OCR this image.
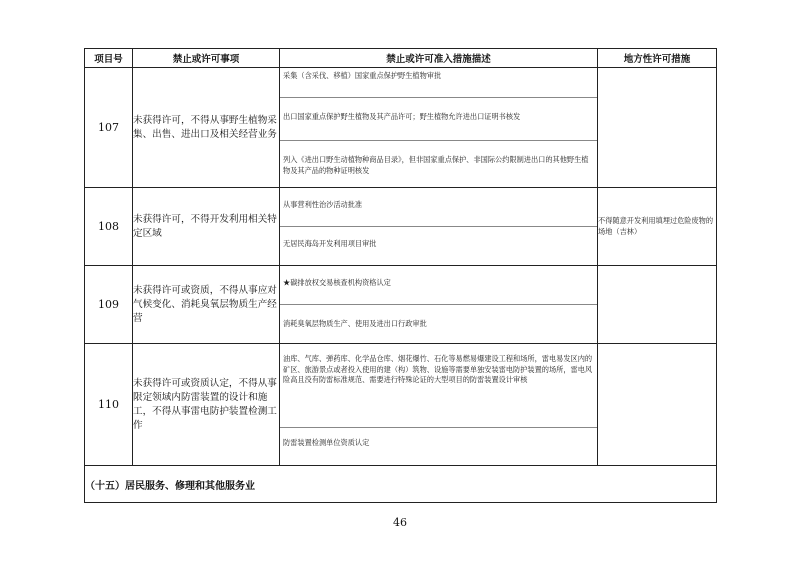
项目号	禁止或许可事项	禁止或许可准入措施描述	地方性许可措施
107	未获得许可，不得从事野生植物采集、出售、进出口及相关经营业务	采集（含采伐、移植）国家重点保护野生植物审批
出口国家重点保护野生植物及其产品许可；野生植物允许进出口证明书核发
列入《进出口野生动植物种商品目录》，但非国家重点保护、非国际公约限制进出口的其他野生植物及其产品的物种证明核发	

108	未获得许可，不得开发利用相关特定区域	从事营利性治沙活动批准
无居民海岛开发利用项目审批	不得随意开发利用填埋过危险废物的场地（吉林）
109	未获得许可或资质，不得从事应对气候变化、消耗臭氧层物质生产经营	★碳排放权交易核查机构资格认定
消耗臭氧层物质生产、使用及进出口行政审批	

110	未获得许可或资质认定，不得从事限定领域内防雷装置的设计和施工，不得从事雷电防护装置检测工作	油库、气库、弹药库、化学品仓库、烟花爆竹、石化等易燃易爆建设工程和场所，雷电易发区内的矿区、旅游景点或者投入使用的建（构）筑物、设施等需要单独安装雷电防护装置的场所，雷电风险高且没有防雷标准规范、需要进行特殊论证的大型项目的防雷装置设计审核
防雷装置检测单位资质认定	

（十五）居民服务、修理和其他服务业			
46
